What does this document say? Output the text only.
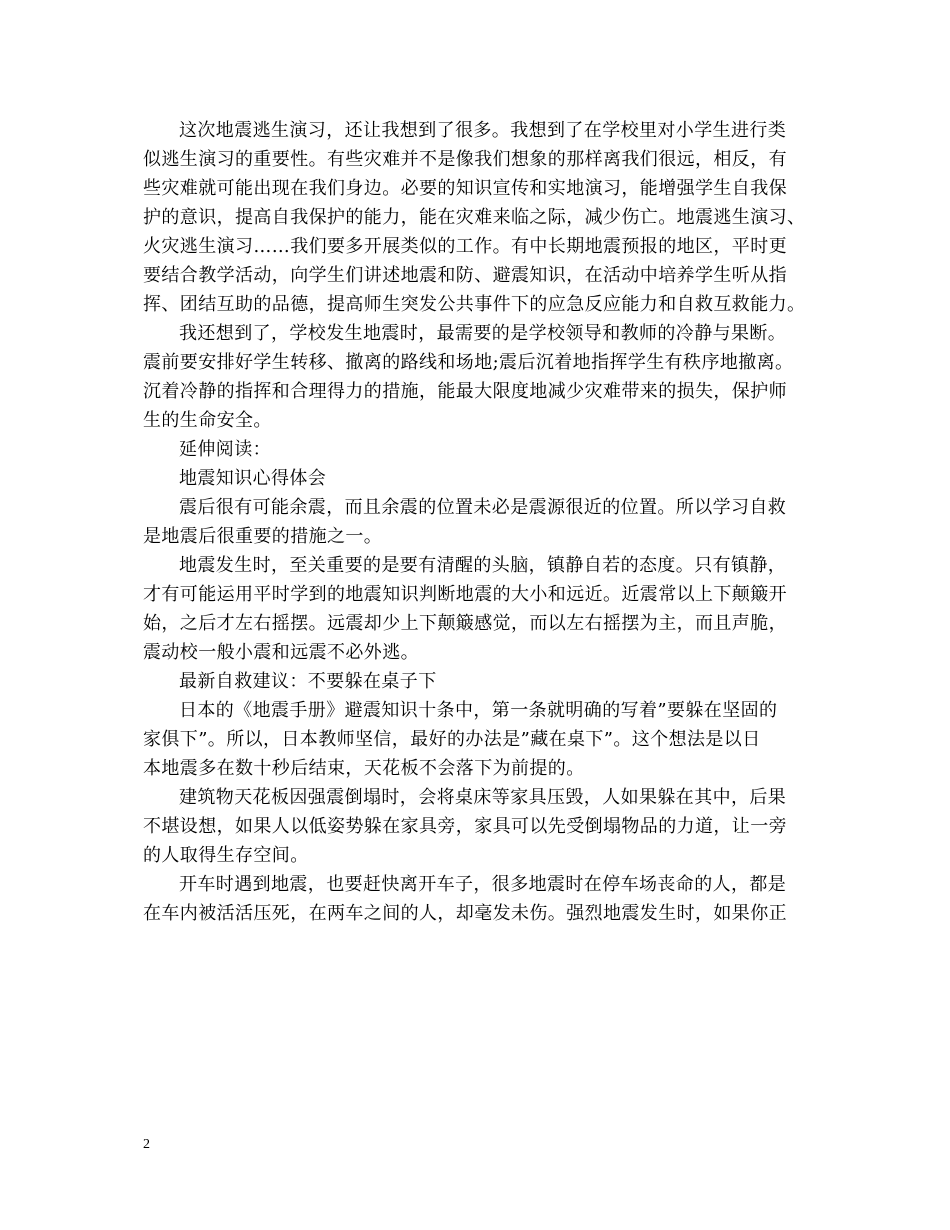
这次地震逃生演习，还让我想到了很多。我想到了在学校里对小学生进行类
似逃生演习的重要性。有些灾难并不是像我们想象的那样离我们很远，相反，有
些灾难就可能出现在我们身边。必要的知识宣传和实地演习，能增强学生自我保
护的意识，提高自我保护的能力，能在灾难来临之际，减少伤亡。地震逃生演习、
火灾逃生演习……我们要多开展类似的工作。有中长期地震预报的地区，平时更
要结合教学活动，向学生们讲述地震和防、避震知识，在活动中培养学生听从指
挥、团结互助的品德，提高师生突发公共事件下的应急反应能力和自救互救能力。
我还想到了，学校发生地震时，最需要的是学校领导和教师的冷静与果断。
震前要安排好学生转移、撤离的路线和场地;震后沉着地指挥学生有秩序地撤离。
沉着冷静的指挥和合理得力的措施，能最大限度地减少灾难带来的损失，保护师
生的生命安全。
延伸阅读：
地震知识心得体会
震后很有可能余震，而且余震的位置未必是震源很近的位置。所以学习自救
是地震后很重要的措施之一。
地震发生时，至关重要的是要有清醒的头脑，镇静自若的态度。只有镇静，
才有可能运用平时学到的地震知识判断地震的大小和远近。近震常以上下颠簸开
始，之后才左右摇摆。远震却少上下颠簸感觉，而以左右摇摆为主，而且声脆，
震动校一般小震和远震不必外逃。
最新自救建议：不要躲在桌子下
日本的《地震手册》避震知识十条中，第一条就明确的写着”要躲在坚固的
家俱下”。所以，日本教师坚信，最好的办法是”藏在桌下”。这个想法是以日
本地震多在数十秒后结束，天花板不会落下为前提的。
建筑物天花板因强震倒塌时，会将桌床等家具压毁，人如果躲在其中，后果
不堪设想，如果人以低姿势躲在家具旁，家具可以先受倒塌物品的力道，让一旁
的人取得生存空间。
开车时遇到地震，也要赶快离开车子，很多地震时在停车场丧命的人，都是
在车内被活活压死，在两车之间的人，却毫发未伤。强烈地震发生时，如果你正
2
